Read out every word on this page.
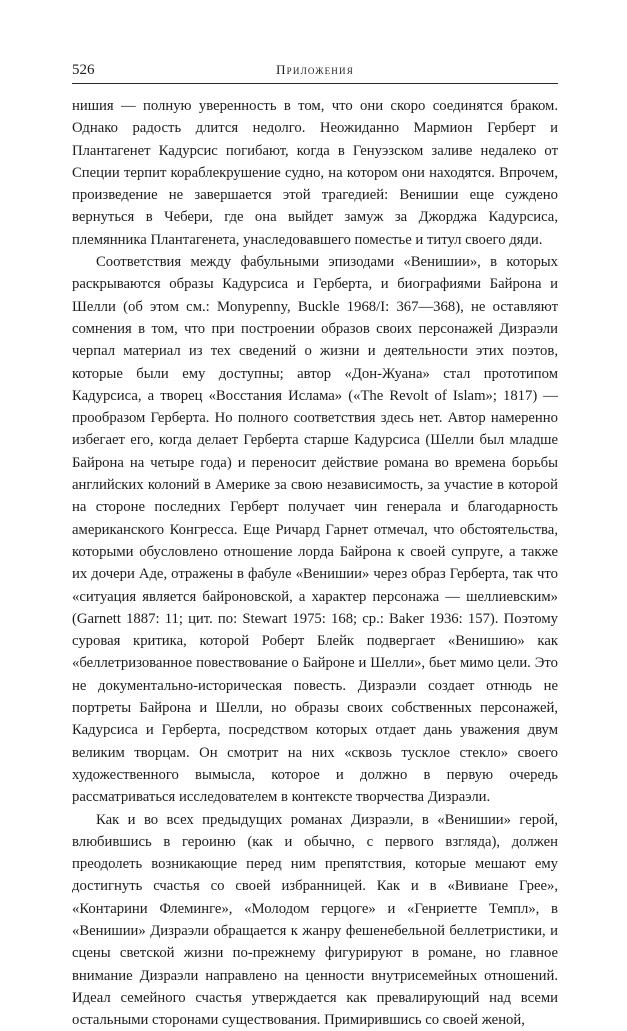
526	Приложения

нишия — полную уверенность в том, что они скоро соединятся браком. Однако радость длится недолго. Неожиданно Мармион Герберт и Плантагенет Кадурсис погибают, когда в Генуэзском заливе недалеко от Специи терпит кораблекрушение судно, на котором они находятся. Впрочем, произведение не завершается этой трагедией: Венишии еще суждено вернуться в Чебери, где она выйдет замуж за Джорджа Кадурсиса, племянника Плантагенета, унаследовавшего поместье и титул своего дяди.

Соответствия между фабульными эпизодами «Венишии», в которых раскрываются образы Кадурсиса и Герберта, и биографиями Байрона и Шелли (об этом см.: Monypenny, Buckle 1968/I: 367—368), не оставляют сомнения в том, что при построении образов своих персонажей Дизраэли черпал материал из тех сведений о жизни и деятельности этих поэтов, которые были ему доступны; автор «Дон-Жуана» стал прототипом Кадурсиса, а творец «Восстания Ислама» («The Revolt of Islam»; 1817) — прообразом Герберта. Но полного соответствия здесь нет. Автор намеренно избегает его, когда делает Герберта старше Кадурсиса (Шелли был младше Байрона на четыре года) и переносит действие романа во времена борьбы английских колоний в Америке за свою независимость, за участие в которой на стороне последних Герберт получает чин генерала и благодарность американского Конгресса. Еще Ричард Гарнет отмечал, что обстоятельства, которыми обусловлено отношение лорда Байрона к своей супруге, а также их дочери Аде, отражены в фабуле «Венишии» через образ Герберта, так что «ситуация является байроновской, а характер персонажа — шеллиевским» (Garnett 1887: 11; цит. по: Stewart 1975: 168; ср.: Baker 1936: 157). Поэтому суровая критика, которой Роберт Блейк подвергает «Венишию» как «беллетризованное повествование о Байроне и Шелли», бьет мимо цели. Это не документально-историческая повесть. Дизраэли создает отнюдь не портреты Байрона и Шелли, но образы своих собственных персонажей, Кадурсиса и Герберта, посредством которых отдает дань уважения двум великим творцам. Он смотрит на них «сквозь тусклое стекло» своего художественного вымысла, которое и должно в первую очередь рассматриваться исследователем в контексте творчества Дизраэли.

Как и во всех предыдущих романах Дизраэли, в «Венишии» герой, влюбившись в героиню (как и обычно, с первого взгляда), должен преодолеть возникающие перед ним препятствия, которые мешают ему достигнуть счастья со своей избранницей. Как и в «Вивиане Грее», «Контарини Флеминге», «Молодом герцоге» и «Генриетте Темпл», в «Венишии» Дизраэли обращается к жанру фешенебельной беллетристики, и сцены светской жизни по-прежнему фигурируют в романе, но главное внимание Дизраэли направлено на ценности внутрисемейных отношений. Идеал семейного счастья утверждается как превалирующий над всеми остальными сторонами существования. Примирившись со своей женой,
